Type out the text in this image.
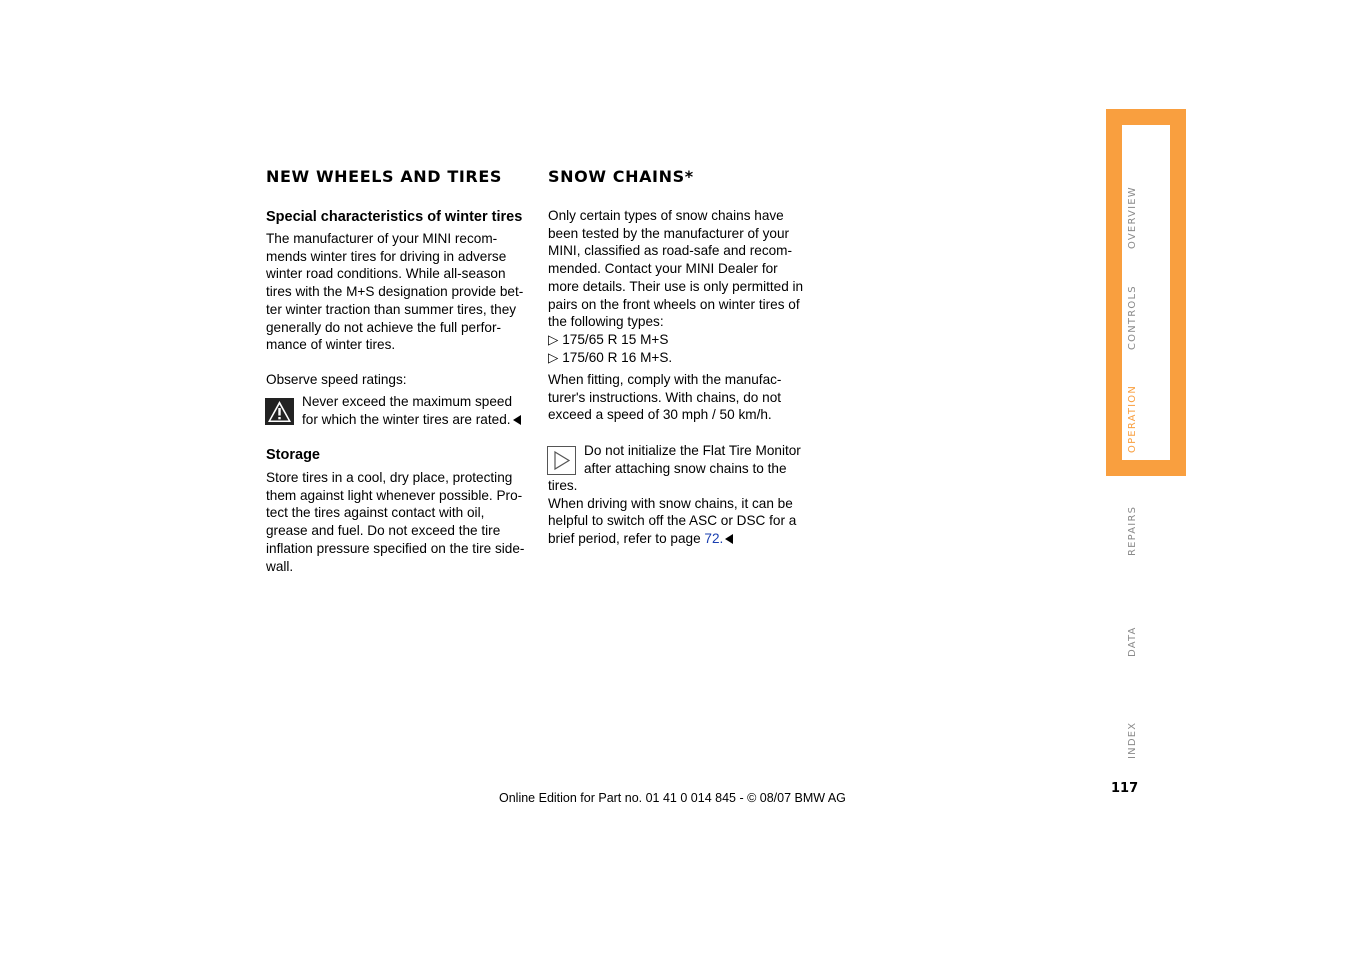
NEW WHEELS AND TIRES
Special characteristics of winter tires
The manufacturer of your MINI recom-
mends winter tires for driving in adverse
winter road conditions. While all-season
tires with the M+S designation provide bet-
ter winter traction than summer tires, they
generally do not achieve the full perfor-
mance of winter tires.
Observe speed ratings:
Never exceed the maximum speed
for which the winter tires are rated.
Storage
Store tires in a cool, dry place, protecting
them against light whenever possible. Pro-
tect the tires against contact with oil,
grease and fuel. Do not exceed the tire
inflation pressure specified on the tire side-
wall.
SNOW CHAINS*
Only certain types of snow chains have
been tested by the manufacturer of your
MINI, classified as road-safe and recom-
mended. Contact your MINI Dealer for
more details. Their use is only permitted in
pairs on the front wheels on winter tires of
the following types:
▷ 175/65 R 15 M+S
▷ 175/60 R 16 M+S.
When fitting, comply with the manufac-
turer's instructions. With chains, do not
exceed a speed of 30 mph / 50 km/h.
Do not initialize the Flat Tire Monitor
after attaching snow chains to the
tires.
When driving with snow chains, it can be
helpful to switch off the ASC or DSC for a
brief period, refer to page 72.
OVERVIEW
CONTROLS
OPERATION
REPAIRS
DATA
INDEX
117
Online Edition for Part no. 01 41 0 014 845 - © 08/07 BMW AG
